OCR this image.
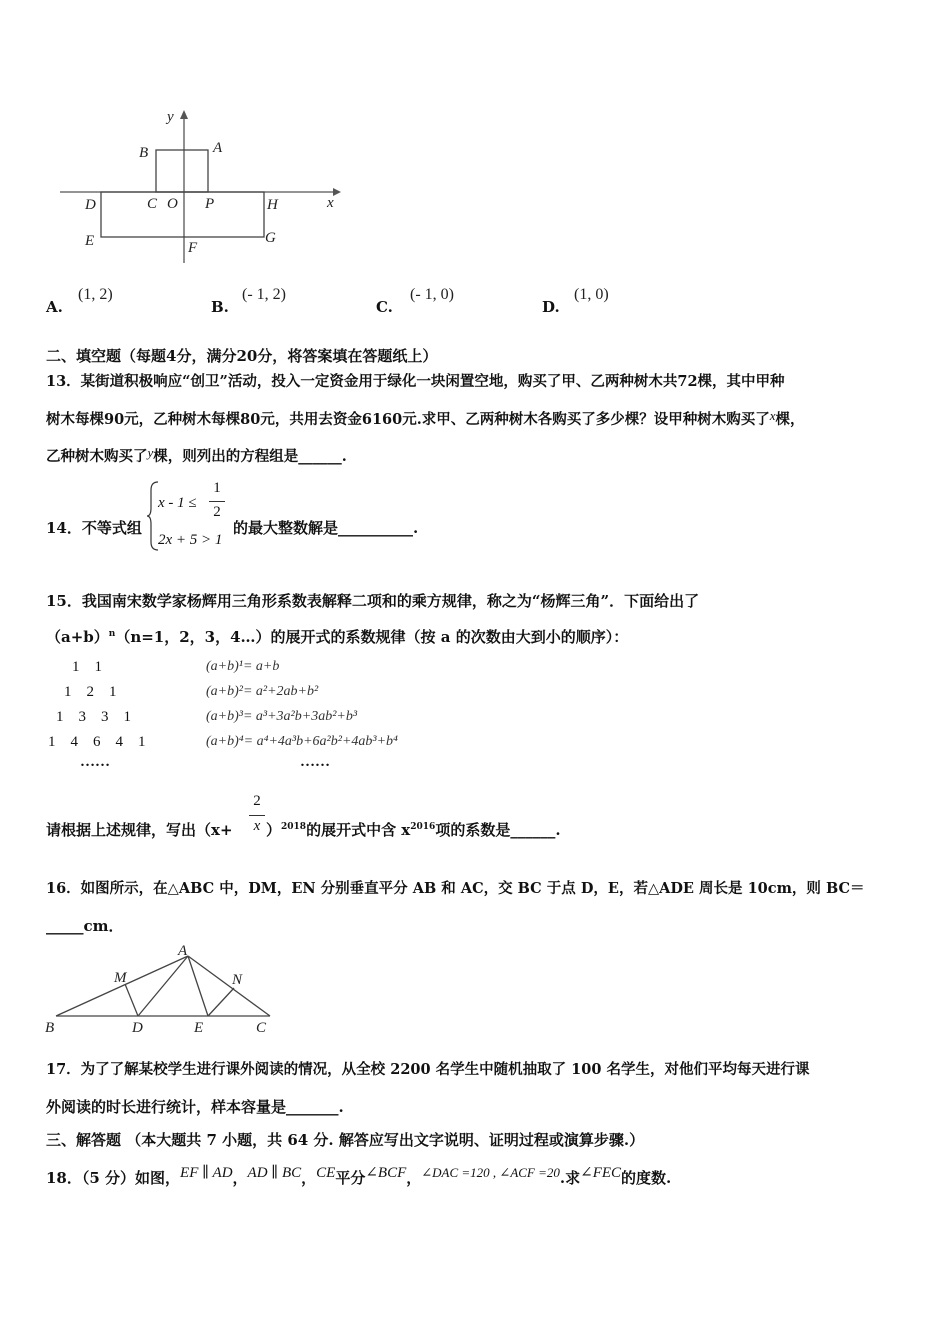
y
x
A
B
C O P
D	H
E	F
G
A.
(1, 2)
B.
(- 1, 2)
C.
(- 1, 0)
D.
(1, 0)
二、填空题（每题4分，满分20分，将答案填在答题纸上）
13．某街道积极响应“创卫”活动，投入一定资金用于绿化一块闲置空地，购买了甲、乙两种树木共72棵，其中甲种
树木每棵90元，乙种树木每棵80元，共用去资金6160元.求甲、乙两种树木各购买了多少棵？设甲种树木购买了x棵，
乙种树木购买了y棵，则列出的方程组是______.
14．不等式组
x - 1 ≤
1
2
2x + 5 > 1
的最大整数解是__________.
15．我国南宋数学家杨辉用三角形系数表解释二项和的乘方规律，称之为“杨辉三角”．下面给出了
$(a+b)^n(n=1$，2，3，4…）的展开式的系数规律（按 a 的次数由大到小的顺序）：
1    1
1    2    1
1    3    3    1
1    4    6    4    1
……
(a+b)¹= a+b
(a+b)²= a²+2ab+b²
(a+b)³= a³+3a²b+3ab²+b³
(a+b)⁴= a⁴+4a³b+6a²b²+4ab³+b⁴
……
请根据上述规律，写出（x+
2
x ）$^{2018}$的展开式中含 $x^{2016}$项的系数是______.
16．如图所示，在△ABC 中，DM，EN 分别垂直平分 AB 和 AC，交 BC 于点 D，E，若△ADE 周长是 10cm，则 BC＝
_____cm．
A
M	N
B	D	E	C
17．为了了解某校学生进行课外阅读的情况，从全校 2200 名学生中随机抽取了 100 名学生，对他们平均每天进行课
外阅读的时长进行统计，样本容量是_______.
三、解答题 （本大题共 7 小题，共 64 分. 解答应写出文字说明、证明过程或演算步骤.）
18．（5 分）如图，EF ∥ AD，AD ∥ BC，CE平分∠BCF，∠DAC =120 , ∠ACF =20.求∠FEC的度数.
